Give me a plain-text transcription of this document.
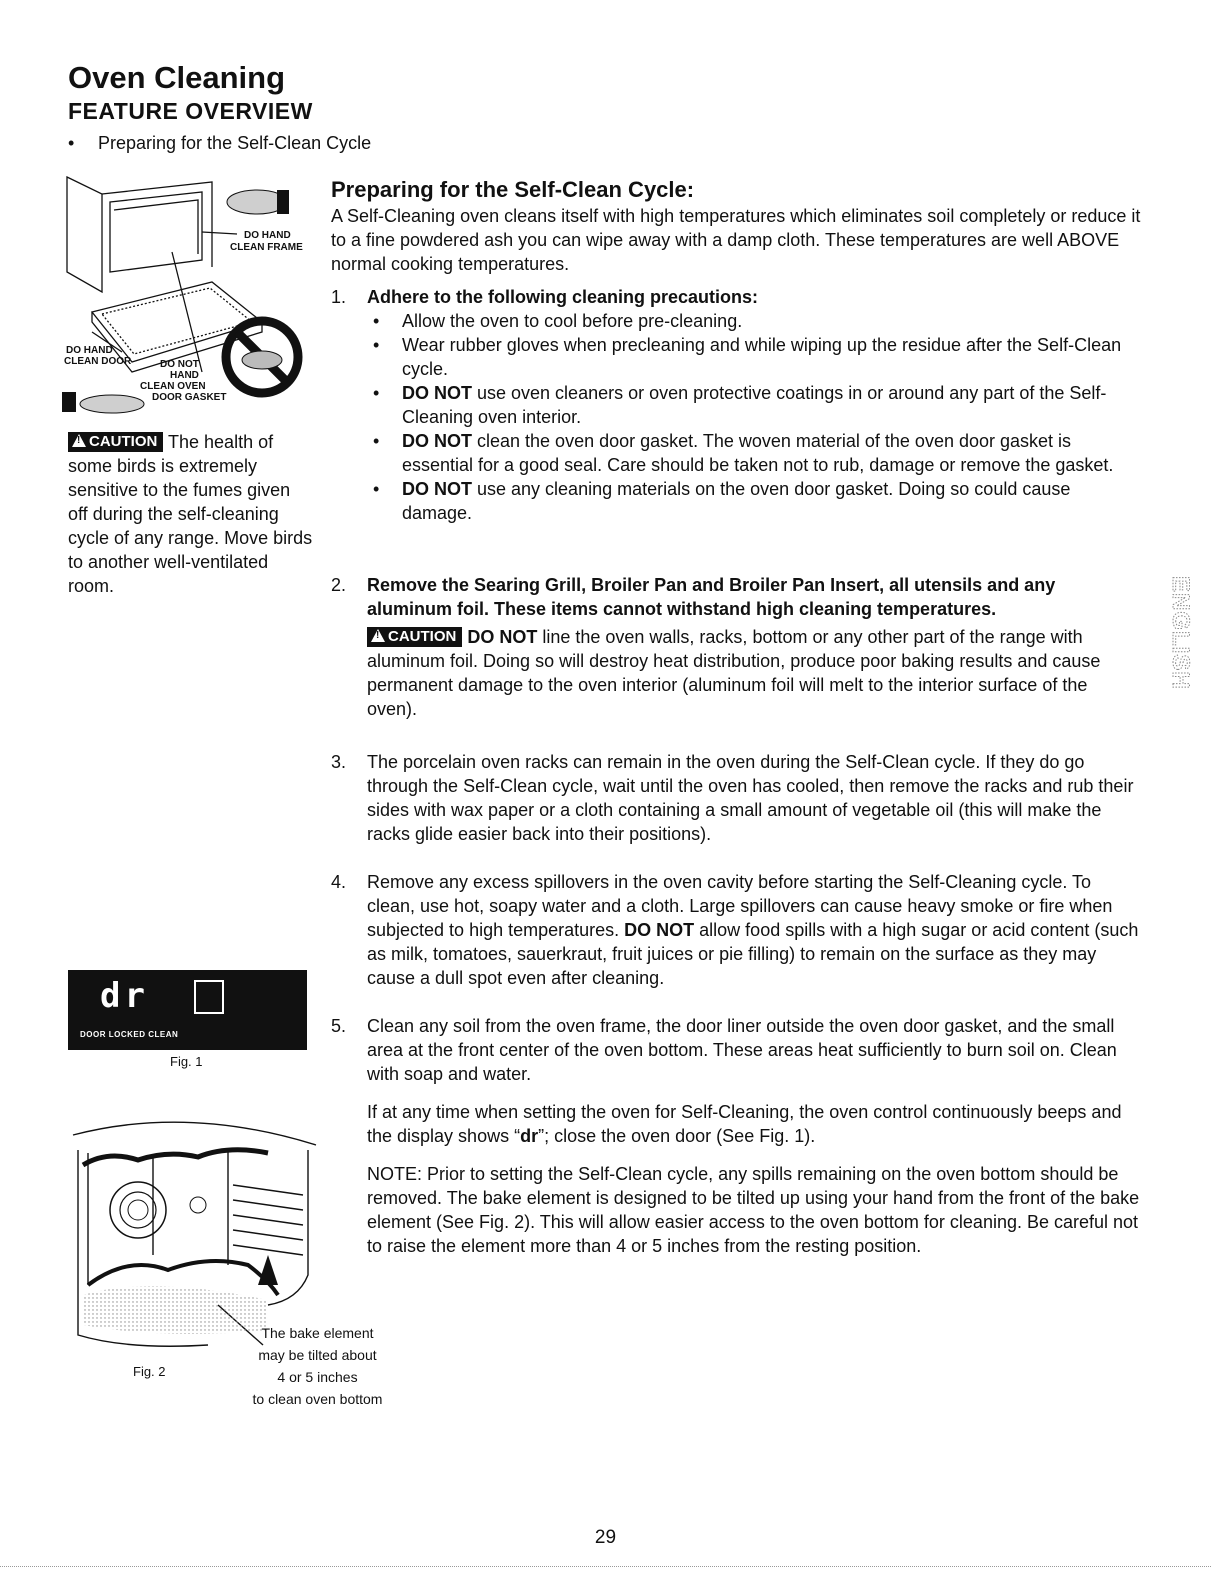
Oven Cleaning
FEATURE OVERVIEW
• Preparing for the Self-Clean Cycle
DO HAND
CLEAN FRAME
DO HAND
CLEAN DOOR	DO NOT
HAND
CLEAN OVEN
DOOR GASKET
!CAUTION The health of some birds is extremely sensitive to the fumes given off during the self-cleaning cycle of any range. Move birds to another well-ventilated room.
dr
DOOR LOCKED CLEAN
Fig. 1
The bake element
may be tilted about
4 or 5 inches
to clean oven bottom
Fig. 2
Preparing for the Self-Clean Cycle:

A Self-Cleaning oven cleans itself with high temperatures which eliminates soil completely or reduce it to a fine powdered ash you can wipe away with a damp cloth. These temperatures are well ABOVE normal cooking temperatures.

1.	Adhere to the following cleaning precautions:
• Allow the oven to cool before pre-cleaning.
• Wear rubber gloves when precleaning and while wiping up the residue after the Self-Clean cycle.
• DO NOT use oven cleaners or oven protective coatings in or around any part of the Self-Cleaning oven interior.
• DO NOT clean the oven door gasket. The woven material of the oven door gasket is essential for a good seal. Care should be taken not to rub, damage or remove the gasket.
• DO NOT use any cleaning materials on the oven door gasket. Doing so could cause damage.
2.	Remove the Searing Grill, Broiler Pan and Broiler Pan Insert, all utensils and any aluminum foil. These items cannot withstand high cleaning temperatures.
!CAUTION DO NOT line the oven walls, racks, bottom or any other part of the range with aluminum foil. Doing so will destroy heat distribution, produce poor baking results and cause permanent damage to the oven interior (aluminum foil will melt to the interior surface of the oven).
3.	The porcelain oven racks can remain in the oven during the Self-Clean cycle. If they do go through the Self-Clean cycle, wait until the oven has cooled, then remove the racks and rub their sides with wax paper or a cloth containing a small amount of vegetable oil (this will make the racks glide easier back into their positions).
4.	Remove any excess spillovers in the oven cavity before starting the Self-Cleaning cycle. To clean, use hot, soapy water and a cloth. Large spillovers can cause heavy smoke or fire when subjected to high temperatures. DO NOT allow food spills with a high sugar or acid content (such as milk, tomatoes, sauerkraut, fruit juices or pie filling) to remain on the surface as they may cause a dull spot even after cleaning.
5.	Clean any soil from the oven frame, the door liner outside the oven door gasket, and the small area at the front center of the oven bottom. These areas heat sufficiently to burn soil on. Clean with soap and water.
If at any time when setting the oven for Self-Cleaning, the oven control continuously beeps and the display shows “dr”; close the oven door (See Fig. 1).
NOTE: Prior to setting the Self-Clean cycle, any spills remaining on the oven bottom should be removed. The bake element is designed to be tilted up using your hand from the front of the bake element (See Fig. 2). This will allow easier access to the oven bottom for cleaning. Be careful not to raise the element more than 4 or 5 inches from the resting position.
ENGLISH
29
